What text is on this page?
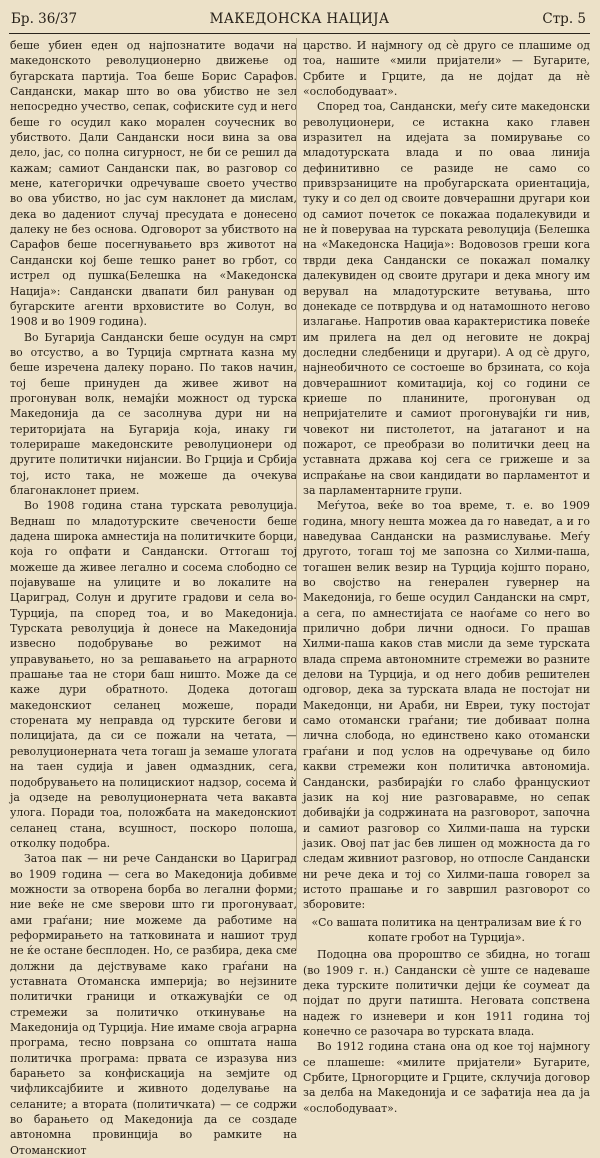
Бр. 36/37	МАКЕДОНСКА НАЦИЈА	Стр. 5

беше убиен еден од најпознатите водачи на македонското револуционерно движење од бугарската партија. Тоа беше Борис Сарафов. Сандански, макар што во ова убиство не зел непосредно учество, сепак, софиските суд и него беше го осудил како морален соучесник во убиството. Дали Сандански носи вина за ова дело, јас, со полна сигурност, не би се решил да кажам; самиот Сандански пак, во разговор со мене, категорички одречуваше своето учество во ова убиство, но јас сум наклонет да мислам, дека во дадениот случај пресудата е донесено далеку не без основа. Одговорот за убиството на Сарафов беше посегнувањето врз животот на Сандански кој беше тешко ранет во грбот, со истрел од пушка(Белешка на «Македонска Нација»: Сандански двапати бил рануван од бугарските агенти врховистите во Солун, во 1908 и во 1909 година).

Во Бугарија Сандански беше осудун на смрт во отсуство, а во Турција смртната казна му беше изречена далеку порано. По таков начин, тој беше принуден да живее живот на прогонуван волк, немајќи можност од турска Македонија да се засолнува дури ни на територијата на Бугарија која, инаку ги толерираше македонските револуционери од другите политички нијансии. Во Грција и Србија тој, исто така, не можеше да очекува благонаклонет прием.

Во 1908 година стана турската револуција. Веднаш по младотурските свечености беше дадена широка амнестија на политичките борци, која го опфати и Сандански. Оттогаш тој можеше да живее легално и сосема слободно се појавуваше на улиците и во локалите на Цариград, Солун и другите градови и села во-Турција, па според тоа, и во Македонија. Турската револуција ѝ донесе на Македонија извесно подобрување во режимот на управувањето, но за решавањето на аграрното прашање таа не стори баш ништо. Може да се каже дури обратното. Додека дотогаш македонскиот селанец можеше, поради сторената му неправда од турските бегови и полицијата, да си се пожали на четата, — револуционерната чета тогаш ја земаше улогата на таен судија и јавен одмаздник, сега, подобрувањето на полицискиот надзор, сосема ѝ ја одзеде на револуционерната чета вакавта улога. Поради тоа, положбата на македонскиот селанец стана, всушност, поскоро полоша, отколку подобра.

Затоа пак — ни рече Сандански во Цариград во 1909 година — сега во Македонија добивме можности за отворена борба во легални форми; ние веќе не сме ѕверови што ги прогонуваат, ами граѓани; ние можеме да работиме на реформирањето на татковината и нашиот труд не ќе остане бесплоден. Но, се разбира, дека сме должни да дејствуваме како граѓани на уставната Отоманска империја; во нејзините политички граници и откажувајќи се од стремежи за политичко откинување на Македонија од Турција. Ние имаме своја аграрна програма, тесно поврзана со општата наша политичка програма: првата се изразува низ барањето за конфискација на земјите од чифликсајбиите и живното доделување на селаните; а втората (политичката) — се содржи во барањето од Македонија да се создаде автономна провинција во рамките на Отоманскиот

царство. И најмногу од сè друго се плашиме од тоа, нашите «мили пријатели» — Бугарите, Србите и Грците, да не дојдат да нè «ослободуваат».

Според тоа, Сандански, меѓу сите македонски револуционери, се истакна како главен изразител на идејата за помирување со младотурската влада и по оваа линија дефинитивно се разиде не само со привзрзаниците на пробугарската ориентација, туку и со дел од своите довчерашни другари кои од самиот почеток се покажаа подалекувиди и не ѝ поверуваа на турската револуција (Белешка на «Македонска Нација»: Водовозов греши кога тврди дека Сандански се покажал помалку далекувиден од своите другари и дека многу им верувал на младотурските ветувања, што донекаде се потврдува и од натамошното негово излагање. Напротив оваа карактеристика повеќе им прилега на дел од неговите не докрај доследни следбеници и другари). А од сè друго, најнеобичното се состоеше во брзината, со која довчерашниот комитаџија, кој со години се криеше по планините, прогонуван од непријателите и самиот прогонувајќи ги нив, човекот ни пистолетот, на јатаганот и на пожарот, се преобрази во политички деец на уставната држава кој сега се грижеше и за испраќање на свои кандидати во парламентот и за парламентарните групи.

Меѓутоа, веќе во тоа време, т. е. во 1909 година, многу нешта можеа да го наведат, а и го наведуваа Сандански на размислување. Меѓу другото, тогаш тој ме запозна со Хилми-паша, тогашен велик везир на Турција којшто порано, во својство на генерален гувернер на Македонија, го беше осудил Сандански на смрт, а сега, по амнестијата се наоѓаме со него во прилично добри лични односи. Го прашав Хилми-паша каков став мисли да земе турската влада спрема автономните стремежи во разните делови на Турција, и од него добив решителен одговор, дека за турската влада не постојат ни Македонци, ни Араби, ни Евреи, туку постојат само отомански граѓани; тие добиваат полна лична слобода, но единствено како отомански граѓани и под услов на одречување од било какви стремежи кон политичка автономија. Сандански, разбирајќи го слабо францускиот јазик на кој ние разговаравме, но сепак добивајќи ја содржината на разговорот, започна и самиот разговор со Хилми-паша на турски јазик. Овој пат јас бев лишен од можноста да го следам живниот разговор, но отпосле Сандански ни рече дека и тој со Хилми-паша говорел за истото прашање и го завршил разговорот со зборовите:

«Со вашата политика на централизам вие ќ го копате гробот на Турција».

Подоцна ова пророштво се збидна, но тогаш (во 1909 г. н.) Сандански сè уште се надеваше дека турските политички дејци ќе соумеат да појдат по други патиштa. Неговата сопствена надеж го изневери и кон 1911 година тој конечно се разочара во турската влада.

Во 1912 година стана она од кое тој најмногу се плашеше: «милите пријатели» Бугарите, Србите, Црногорците и Грците, склучија договор за делба на Македонија и се зафатија нea да ја «ослободуваат».
